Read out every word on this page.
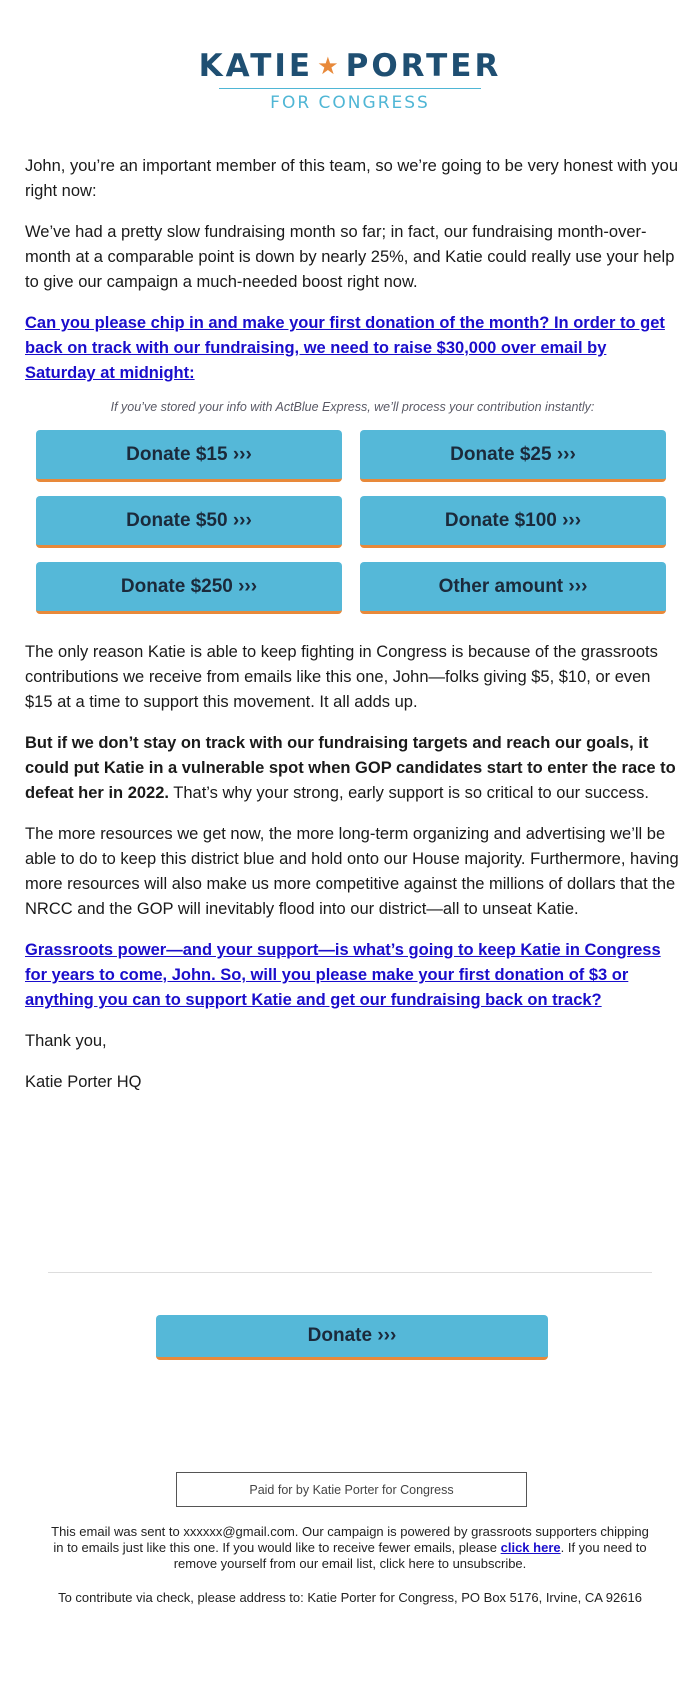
KATIE ★ PORTER
FOR CONGRESS

John, you’re an important member of this team, so we’re going to be very honest with you right now:

We’ve had a pretty slow fundraising month so far; in fact, our fundraising month-over-month at a comparable point is down by nearly 25%, and Katie could really use your help to give our campaign a much-needed boost right now.

Can you please chip in and make your first donation of the month? In order to get back on track with our fundraising, we need to raise $30,000 over email by Saturday at midnight:

If you’ve stored your info with ActBlue Express, we’ll process your contribution instantly:

Donate $15 ›››	Donate $25 ›››
Donate $50 ›››	Donate $100 ›››
Donate $250 ›››	Other amount ›››

The only reason Katie is able to keep fighting in Congress is because of the grassroots contributions we receive from emails like this one, John—folks giving $5, $10, or even $15 at a time to support this movement. It all adds up.

But if we don’t stay on track with our fundraising targets and reach our goals, it could put Katie in a vulnerable spot when GOP candidates start to enter the race to defeat her in 2022. That’s why your strong, early support is so critical to our success.

The more resources we get now, the more long-term organizing and advertising we’ll be able to do to keep this district blue and hold onto our House majority. Furthermore, having more resources will also make us more competitive against the millions of dollars that the NRCC and the GOP will inevitably flood into our district—all to unseat Katie.

Grassroots power—and your support—is what’s going to keep Katie in Congress for years to come, John. So, will you please make your first donation of $3 or anything you can to support Katie and get our fundraising back on track?

Thank you,

Katie Porter HQ

Donate ›››
Paid for by Katie Porter for Congress
This email was sent to xxxxxx@gmail.com. Our campaign is powered by grassroots supporters chipping in to emails just like this one. If you would like to receive fewer emails, please click here. If you need to remove yourself from our email list, click here to unsubscribe.
To contribute via check, please address to: Katie Porter for Congress, PO Box 5176, Irvine, CA 92616
